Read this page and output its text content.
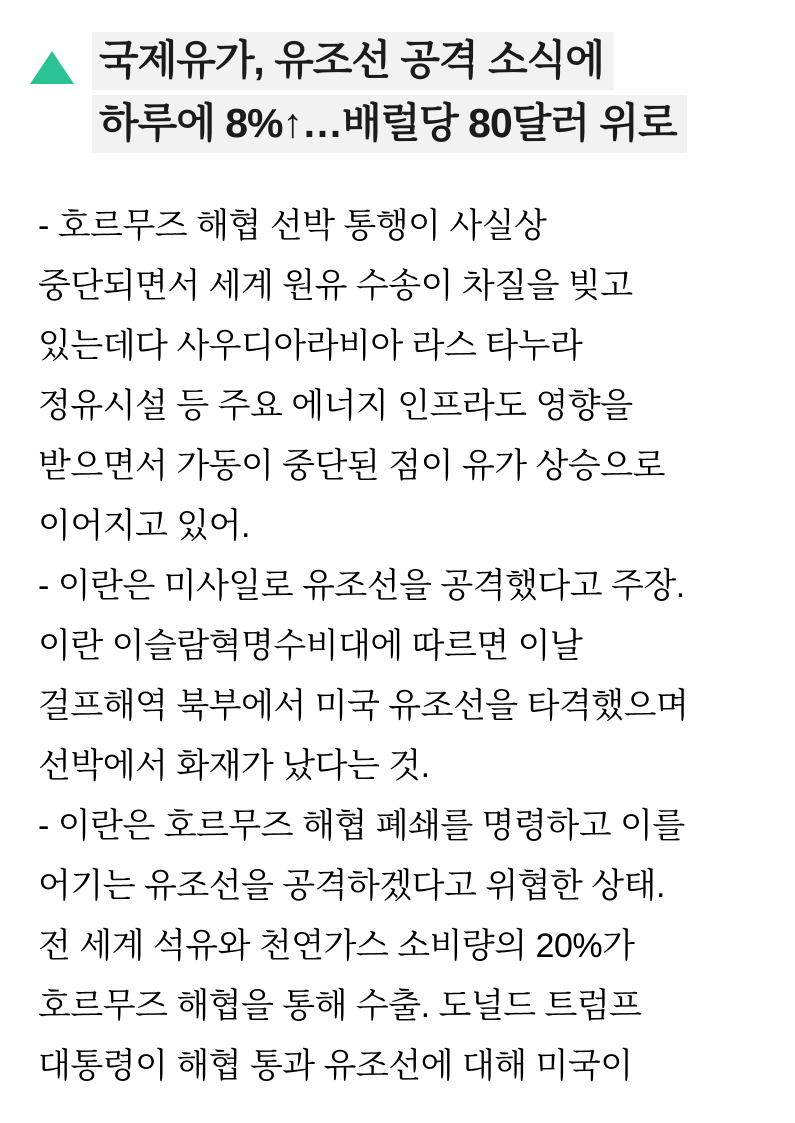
국제유가, 유조선 공격 소식에
하루에 8%↑…배럴당 80달러 위로
- 호르무즈 해협 선박 통행이 사실상
중단되면서 세계 원유 수송이 차질을 빚고
있는데다 사우디아라비아 라스 타누라
정유시설 등 주요 에너지 인프라도 영향을
받으면서 가동이 중단된 점이 유가 상승으로
이어지고 있어.
- 이란은 미사일로 유조선을 공격했다고 주장.
이란 이슬람혁명수비대에 따르면 이날
걸프해역 북부에서 미국 유조선을 타격했으며
선박에서 화재가 났다는 것.
- 이란은 호르무즈 해협 폐쇄를 명령하고 이를
어기는 유조선을 공격하겠다고 위협한 상태.
전 세계 석유와 천연가스 소비량의 20%가
호르무즈 해협을 통해 수출. 도널드 트럼프
대통령이 해협 통과 유조선에 대해 미국이
